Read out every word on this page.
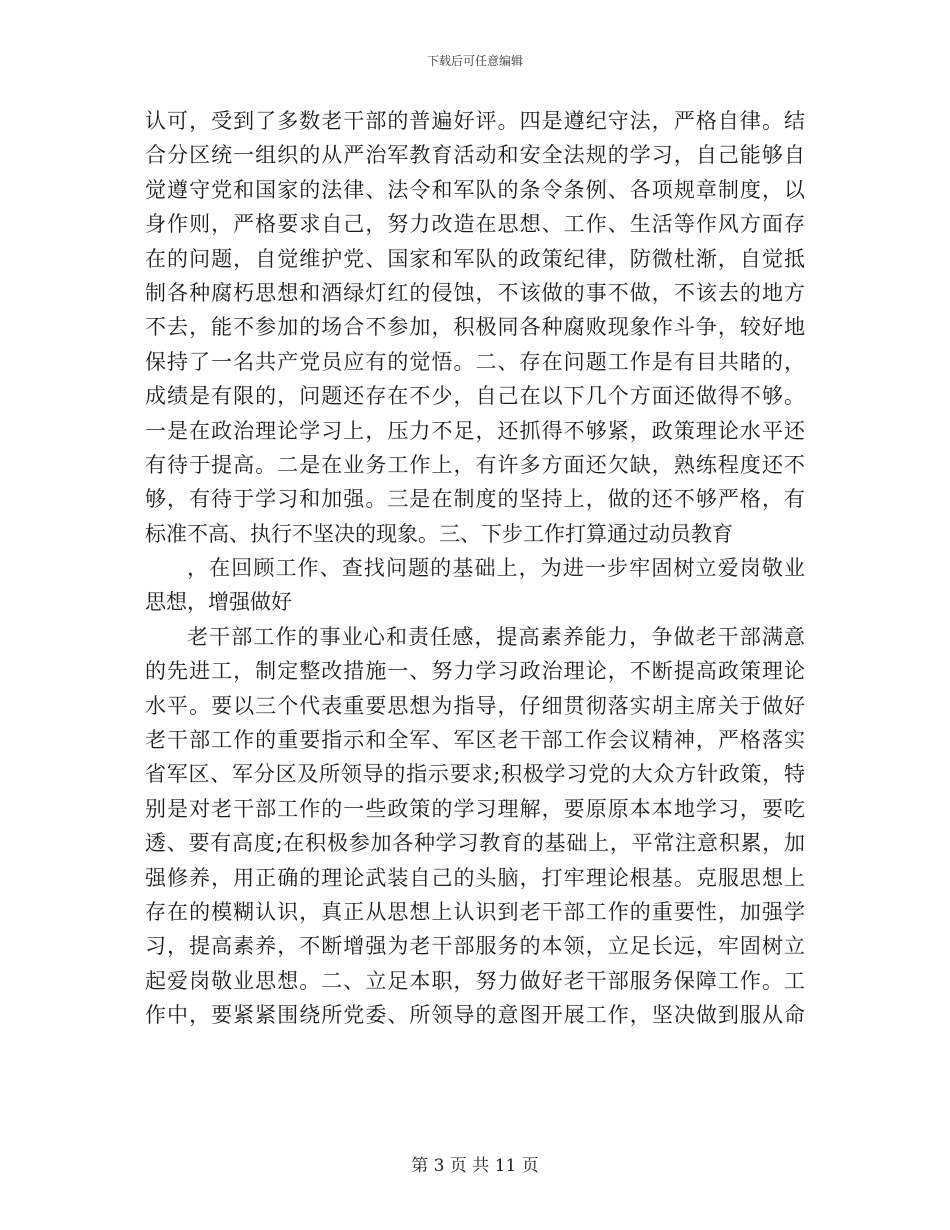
下载后可任意编辑
认可，受到了多数老干部的普遍好评。四是遵纪守法，严格自律。结
合分区统一组织的从严治军教育活动和安全法规的学习，自己能够自
觉遵守党和国家的法律、法令和军队的条令条例、各项规章制度，以
身作则，严格要求自己，努力改造在思想、工作、生活等作风方面存
在的问题，自觉维护党、国家和军队的政策纪律，防微杜渐，自觉抵
制各种腐朽思想和酒绿灯红的侵蚀，不该做的事不做，不该去的地方
不去，能不参加的场合不参加，积极同各种腐败现象作斗争，较好地
保持了一名共产党员应有的觉悟。二、存在问题工作是有目共睹的，
成绩是有限的，问题还存在不少，自己在以下几个方面还做得不够。
一是在政治理论学习上，压力不足，还抓得不够紧，政策理论水平还
有待于提高。二是在业务工作上，有许多方面还欠缺，熟练程度还不
够，有待于学习和加强。三是在制度的坚持上，做的还不够严格，有
标准不高、执行不坚决的现象。三、下步工作打算通过动员教育
，在回顾工作、查找问题的基础上，为进一步牢固树立爱岗敬业
思想，增强做好
老干部工作的事业心和责任感，提高素养能力，争做老干部满意
的先进工，制定整改措施一、努力学习政治理论，不断提高政策理论
水平。要以三个代表重要思想为指导，仔细贯彻落实胡主席关于做好
老干部工作的重要指示和全军、军区老干部工作会议精神，严格落实
省军区、军分区及所领导的指示要求;积极学习党的大众方针政策，特
别是对老干部工作的一些政策的学习理解，要原原本本地学习，要吃
透、要有高度;在积极参加各种学习教育的基础上，平常注意积累，加
强修养，用正确的理论武装自己的头脑，打牢理论根基。克服思想上
存在的模糊认识，真正从思想上认识到老干部工作的重要性，加强学
习，提高素养，不断增强为老干部服务的本领，立足长远，牢固树立
起爱岗敬业思想。二、立足本职，努力做好老干部服务保障工作。工
作中，要紧紧围绕所党委、所领导的意图开展工作，坚决做到服从命
第 3 页 共 11 页
